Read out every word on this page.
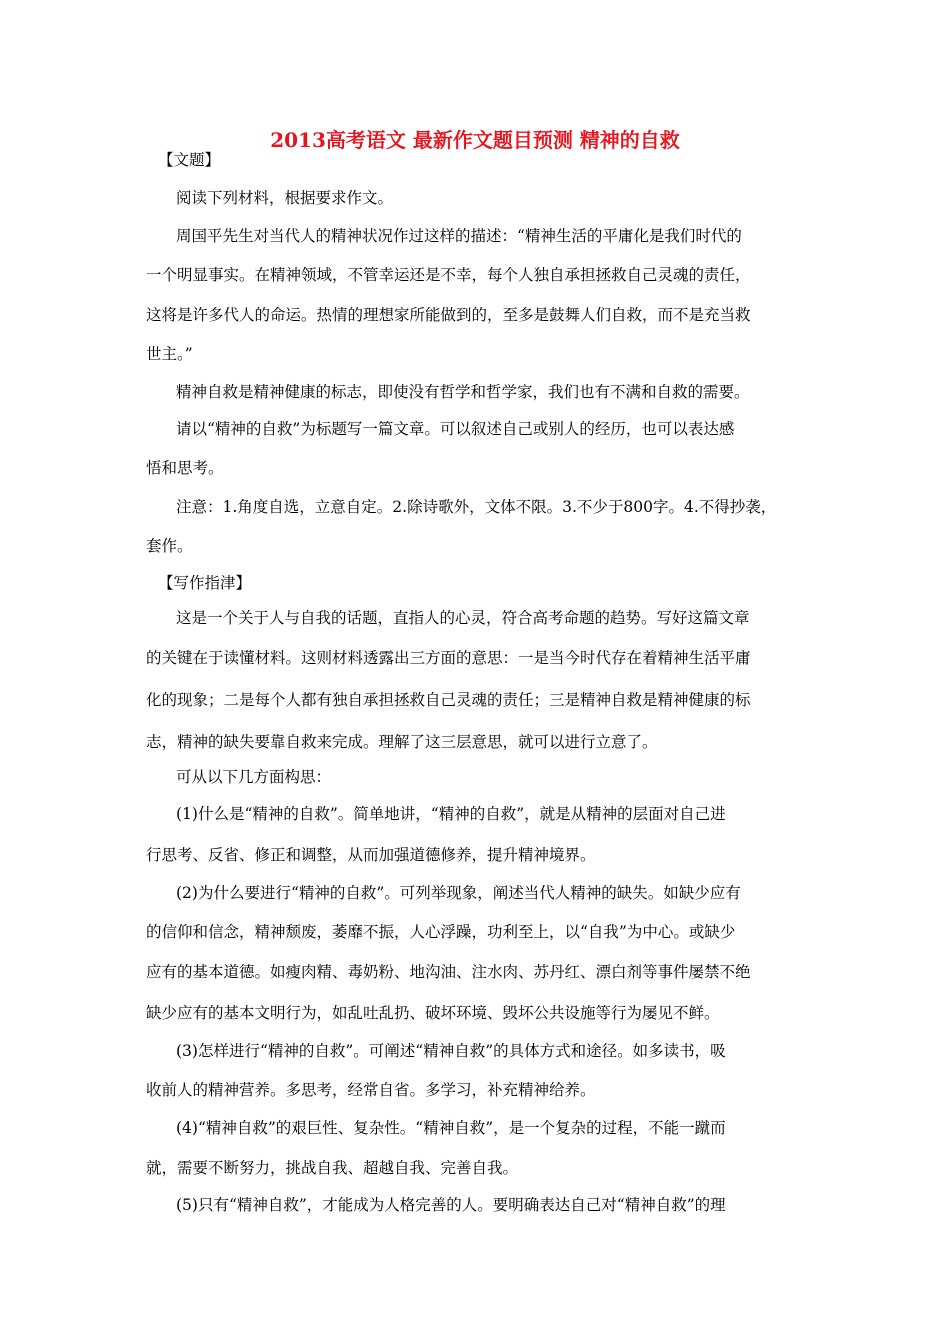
2013高考语文 最新作文题目预测 精神的自救
【文题】
阅读下列材料，根据要求作文。
周国平先生对当代人的精神状况作过这样的描述：“精神生活的平庸化是我们时代的
一个明显事实。在精神领域，不管幸运还是不幸，每个人独自承担拯救自己灵魂的责任，
这将是许多代人的命运。热情的理想家所能做到的，至多是鼓舞人们自救，而不是充当救
世主。”
精神自救是精神健康的标志，即使没有哲学和哲学家，我们也有不满和自救的需要。
请以“精神的自救”为标题写一篇文章。可以叙述自己或别人的经历，也可以表达感
悟和思考。
注意：1.角度自选，立意自定。2.除诗歌外，文体不限。3.不少于800字。4.不得抄袭，
套作。
【写作指津】
这是一个关于人与自我的话题，直指人的心灵，符合高考命题的趋势。写好这篇文章
的关键在于读懂材料。这则材料透露出三方面的意思：一是当今时代存在着精神生活平庸
化的现象；二是每个人都有独自承担拯救自己灵魂的责任；三是精神自救是精神健康的标
志，精神的缺失要靠自救来完成。理解了这三层意思，就可以进行立意了。
可从以下几方面构思：
(1)什么是“精神的自救”。简单地讲，“精神的自救”，就是从精神的层面对自己进
行思考、反省、修正和调整，从而加强道德修养，提升精神境界。
(2)为什么要进行“精神的自救”。可列举现象，阐述当代人精神的缺失。如缺少应有
的信仰和信念，精神颓废，萎靡不振，人心浮躁，功利至上，以“自我”为中心。或缺少
应有的基本道德。如瘦肉精、毒奶粉、地沟油、注水肉、苏丹红、漂白剂等事件屡禁不绝
缺少应有的基本文明行为，如乱吐乱扔、破坏环境、毁坏公共设施等行为屡见不鲜。
(3)怎样进行“精神的自救”。可阐述“精神自救”的具体方式和途径。如多读书，吸
收前人的精神营养。多思考，经常自省。多学习，补充精神给养。
(4)“精神自救”的艰巨性、复杂性。“精神自救”，是一个复杂的过程，不能一蹴而
就，需要不断努力，挑战自我、超越自我、完善自我。
(5)只有“精神自救”，才能成为人格完善的人。要明确表达自己对“精神自救”的理
